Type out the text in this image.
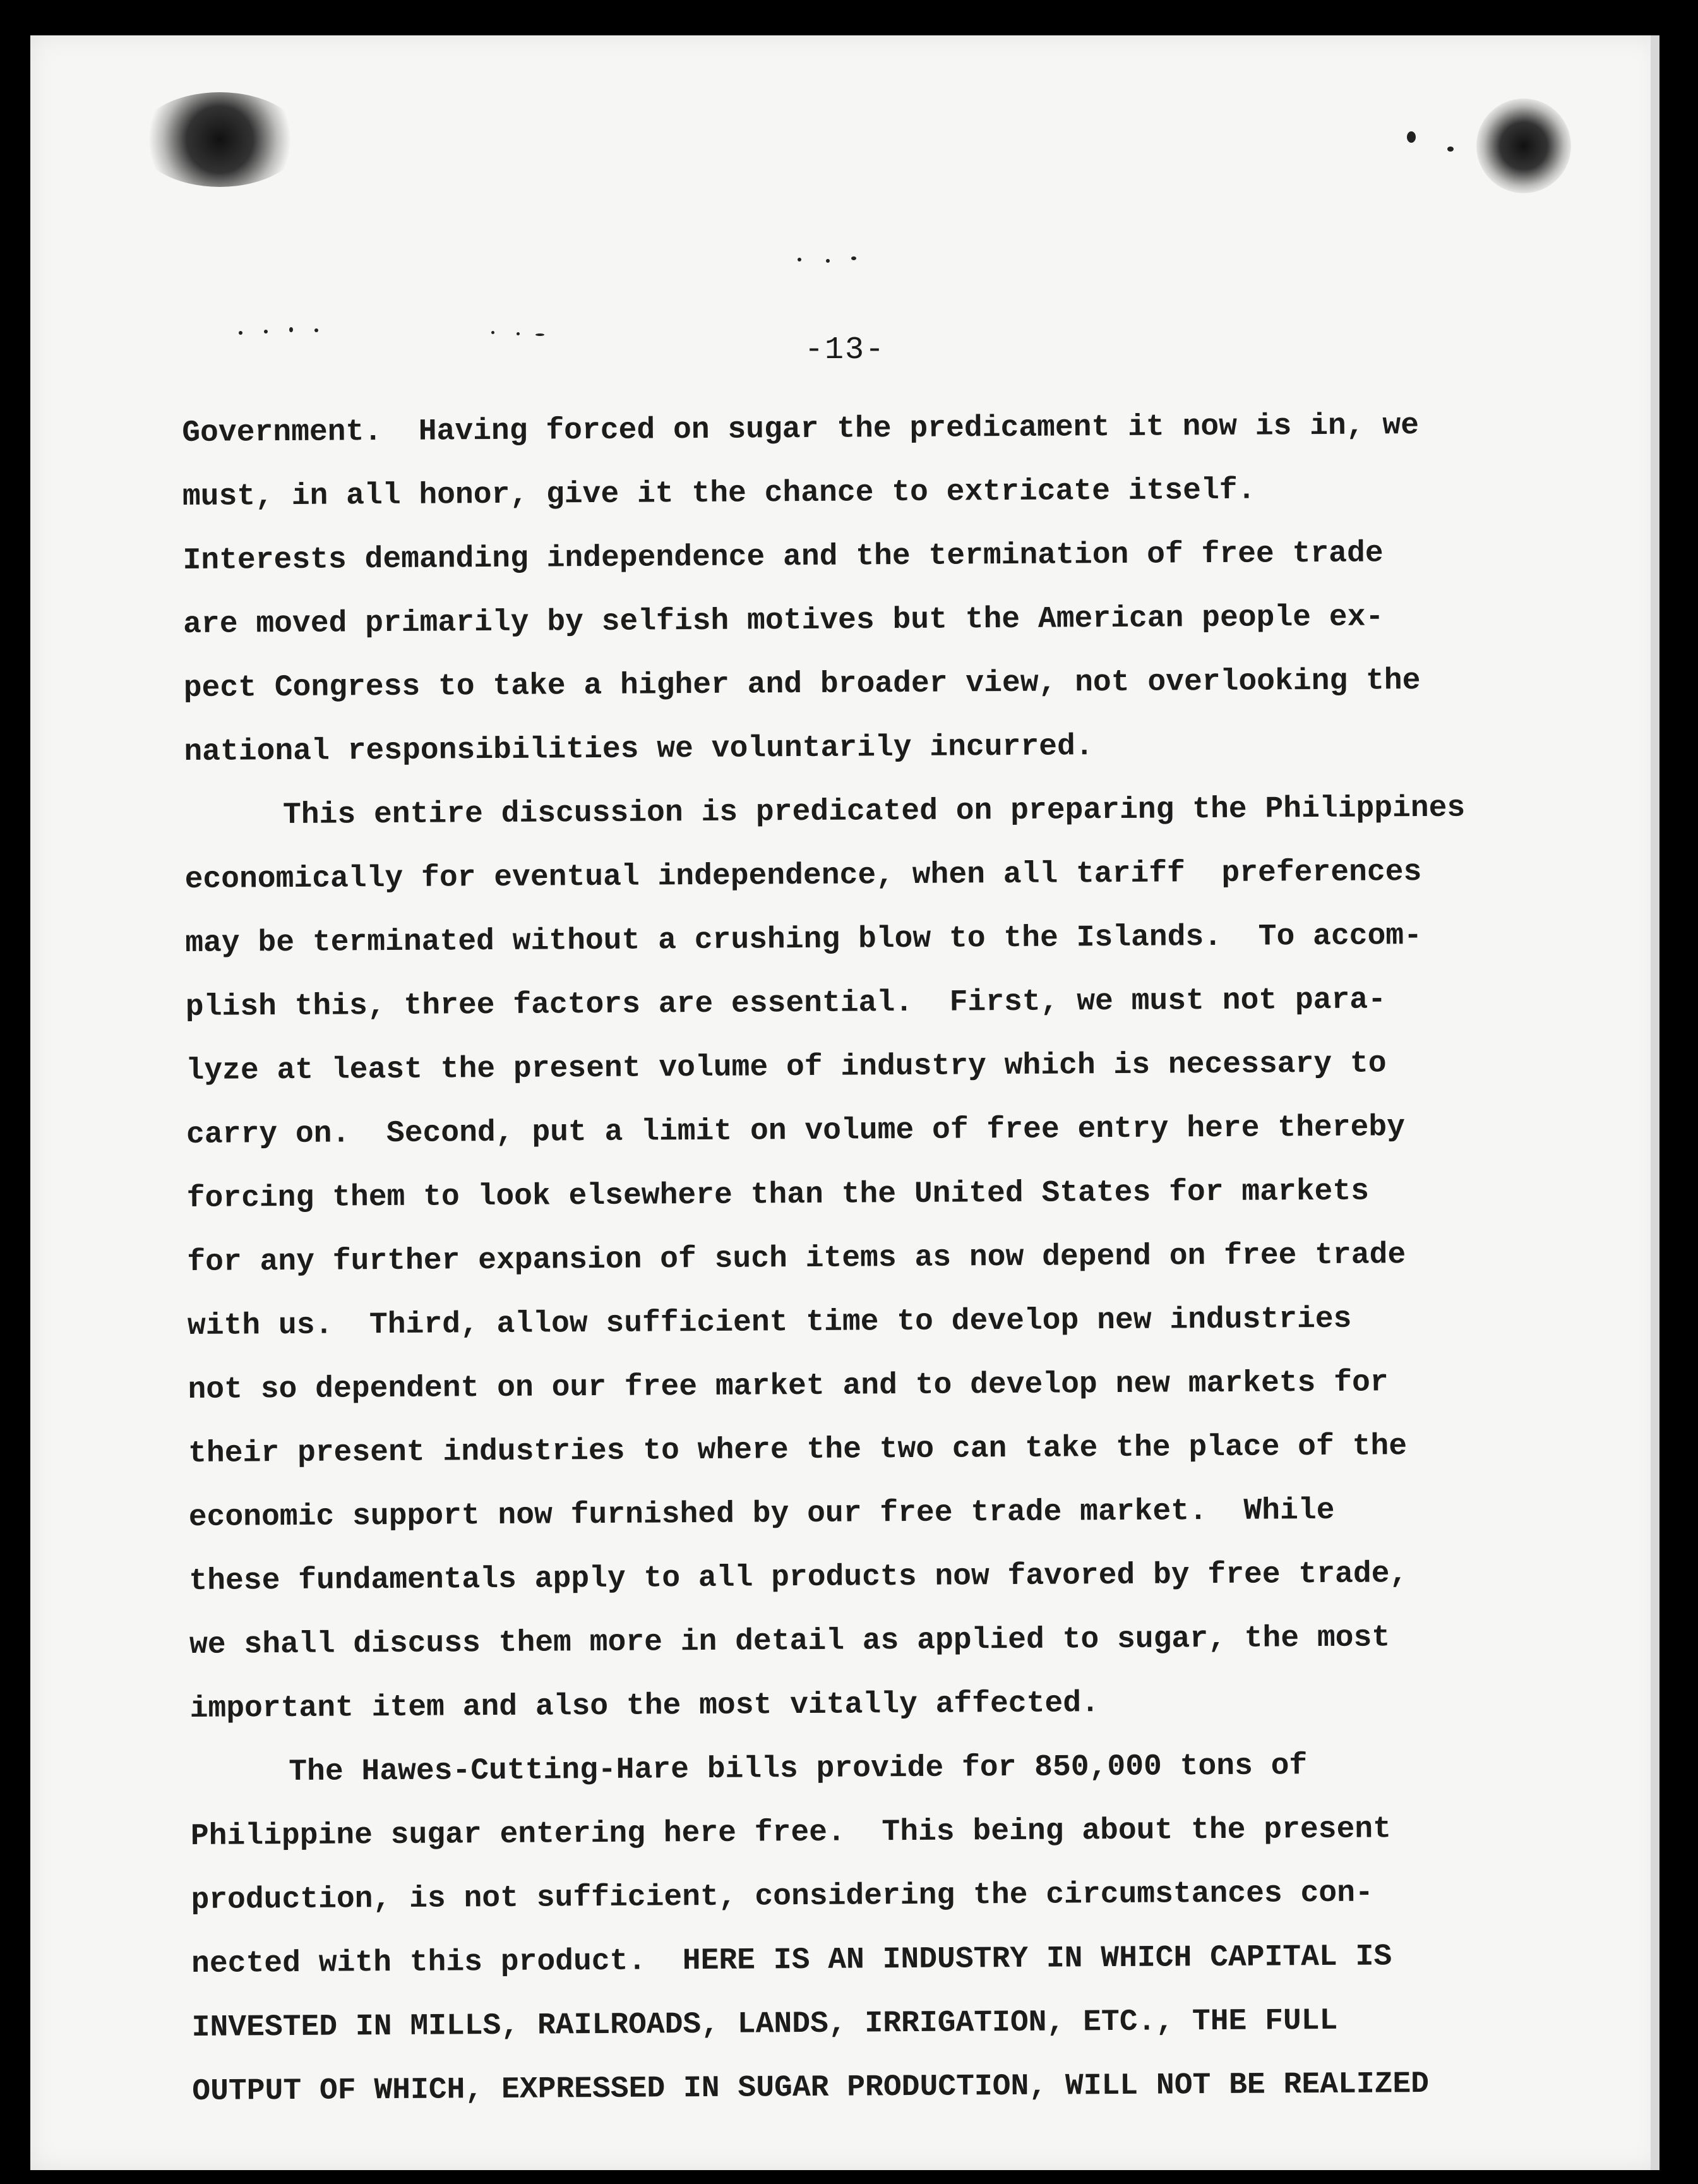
-13-
Government.  Having forced on sugar the predicament it now is in, we
must, in all honor, give it the chance to extricate itself.
Interests demanding independence and the termination of free trade
are moved primarily by selfish motives but the American people ex-
pect Congress to take a higher and broader view, not overlooking the
national responsibilities we voluntarily incurred.
This entire discussion is predicated on preparing the Philippines
economically for eventual independence, when all tariff  preferences
may be terminated without a crushing blow to the Islands.  To accom-
plish this, three factors are essential.  First, we must not para-
lyze at least the present volume of industry which is necessary to
carry on.  Second, put a limit on volume of free entry here thereby
forcing them to look elsewhere than the United States for markets
for any further expansion of such items as now depend on free trade
with us.  Third, allow sufficient time to develop new industries
not so dependent on our free market and to develop new markets for
their present industries to where the two can take the place of the
economic support now furnished by our free trade market.  While
these fundamentals apply to all products now favored by free trade,
we shall discuss them more in detail as applied to sugar, the most
important item and also the most vitally affected.
The Hawes-Cutting-Hare bills provide for 850,000 tons of
Philippine sugar entering here free.  This being about the present
production, is not sufficient, considering the circumstances con-
nected with this product.  HERE IS AN INDUSTRY IN WHICH CAPITAL IS
INVESTED IN MILLS, RAILROADS, LANDS, IRRIGATION, ETC., THE FULL
OUTPUT OF WHICH, EXPRESSED IN SUGAR PRODUCTION, WILL NOT BE REALIZED
